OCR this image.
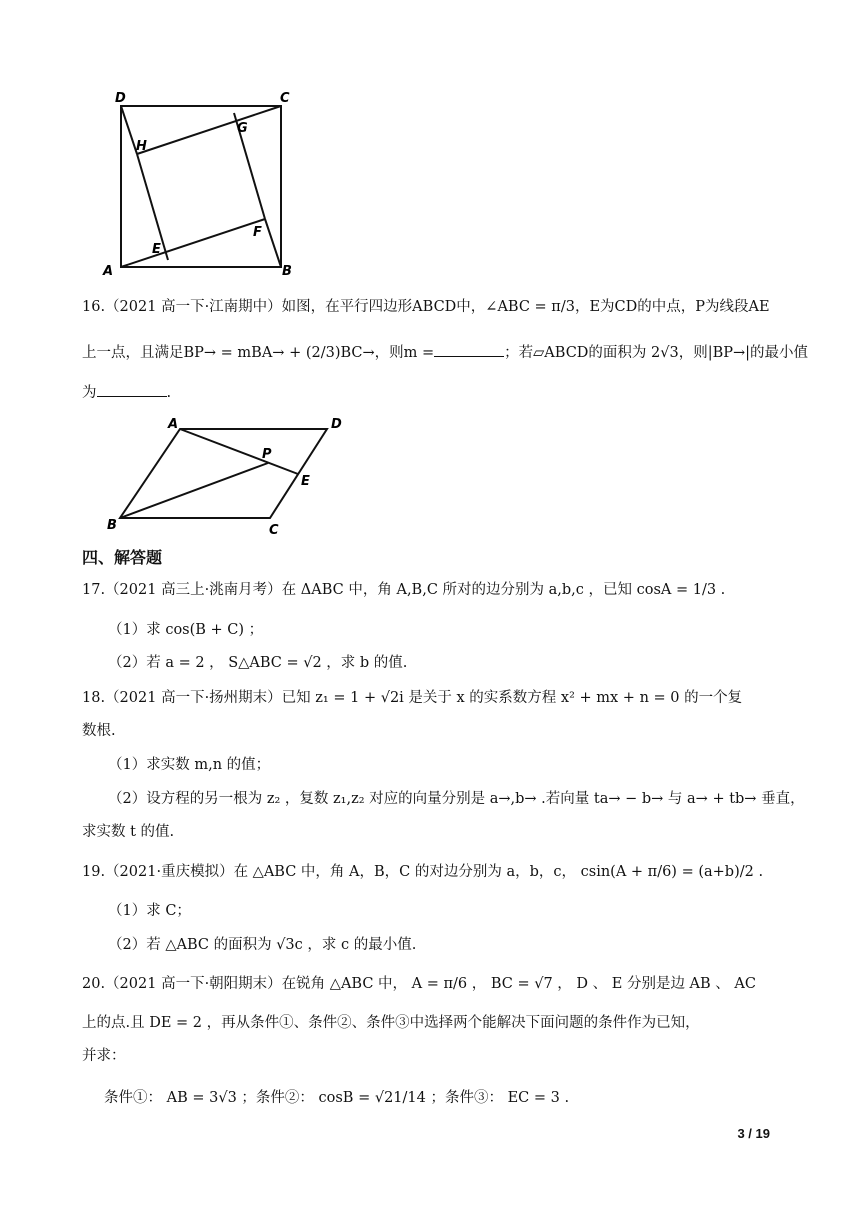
D	C
H
G
F
E
A	B
16.（2021 高一下·江南期中）如图，在平行四边形ABCD中，∠ABC = π/3，E为CD的中点，P为线段AE
上一点，且满足BP→ = mBA→ + (2/3)BC→，则m =	；若▱ABCD的面积为 2√3，则|BP→|的最小值
为	.
A	D
P
E
B	C
四、解答题
17.（2021 高三上·洮南月考）在 ΔABC 中，角 A,B,C 所对的边分别为 a,b,c ，已知 cosA = 1/3 .
（1）求 cos(B + C) ；
（2）若 a = 2 ， S△ABC = √2 ，求 b 的值.
18.（2021 高一下·扬州期末）已知 z₁ = 1 + √2i 是关于 x 的实系数方程 x² + mx + n = 0 的一个复
数根.
（1）求实数 m,n 的值；
（2）设方程的另一根为 z₂ ，复数 z₁,z₂ 对应的向量分别是 a→,b→ .若向量 ta→ − b→ 与 a→ + tb→ 垂直，
求实数 t 的值.
19.（2021·重庆模拟）在 △ABC 中，角 A，B，C 的对边分别为 a，b，c， csin(A + π/6) = (a+b)/2 .
（1）求 C；
（2）若 △ABC 的面积为 √3c ，求 c 的最小值.
20.（2021 高一下·朝阳期末）在锐角 △ABC 中， A = π/6 ， BC = √7 ， D 、 E 分别是边 AB 、 AC
上的点.且 DE = 2 ，再从条件①、条件②、条件③中选择两个能解决下面问题的条件作为已知，
并求：
条件①： AB = 3√3 ；条件②： cosB = √21/14 ；条件③： EC = 3 .
3 / 19
